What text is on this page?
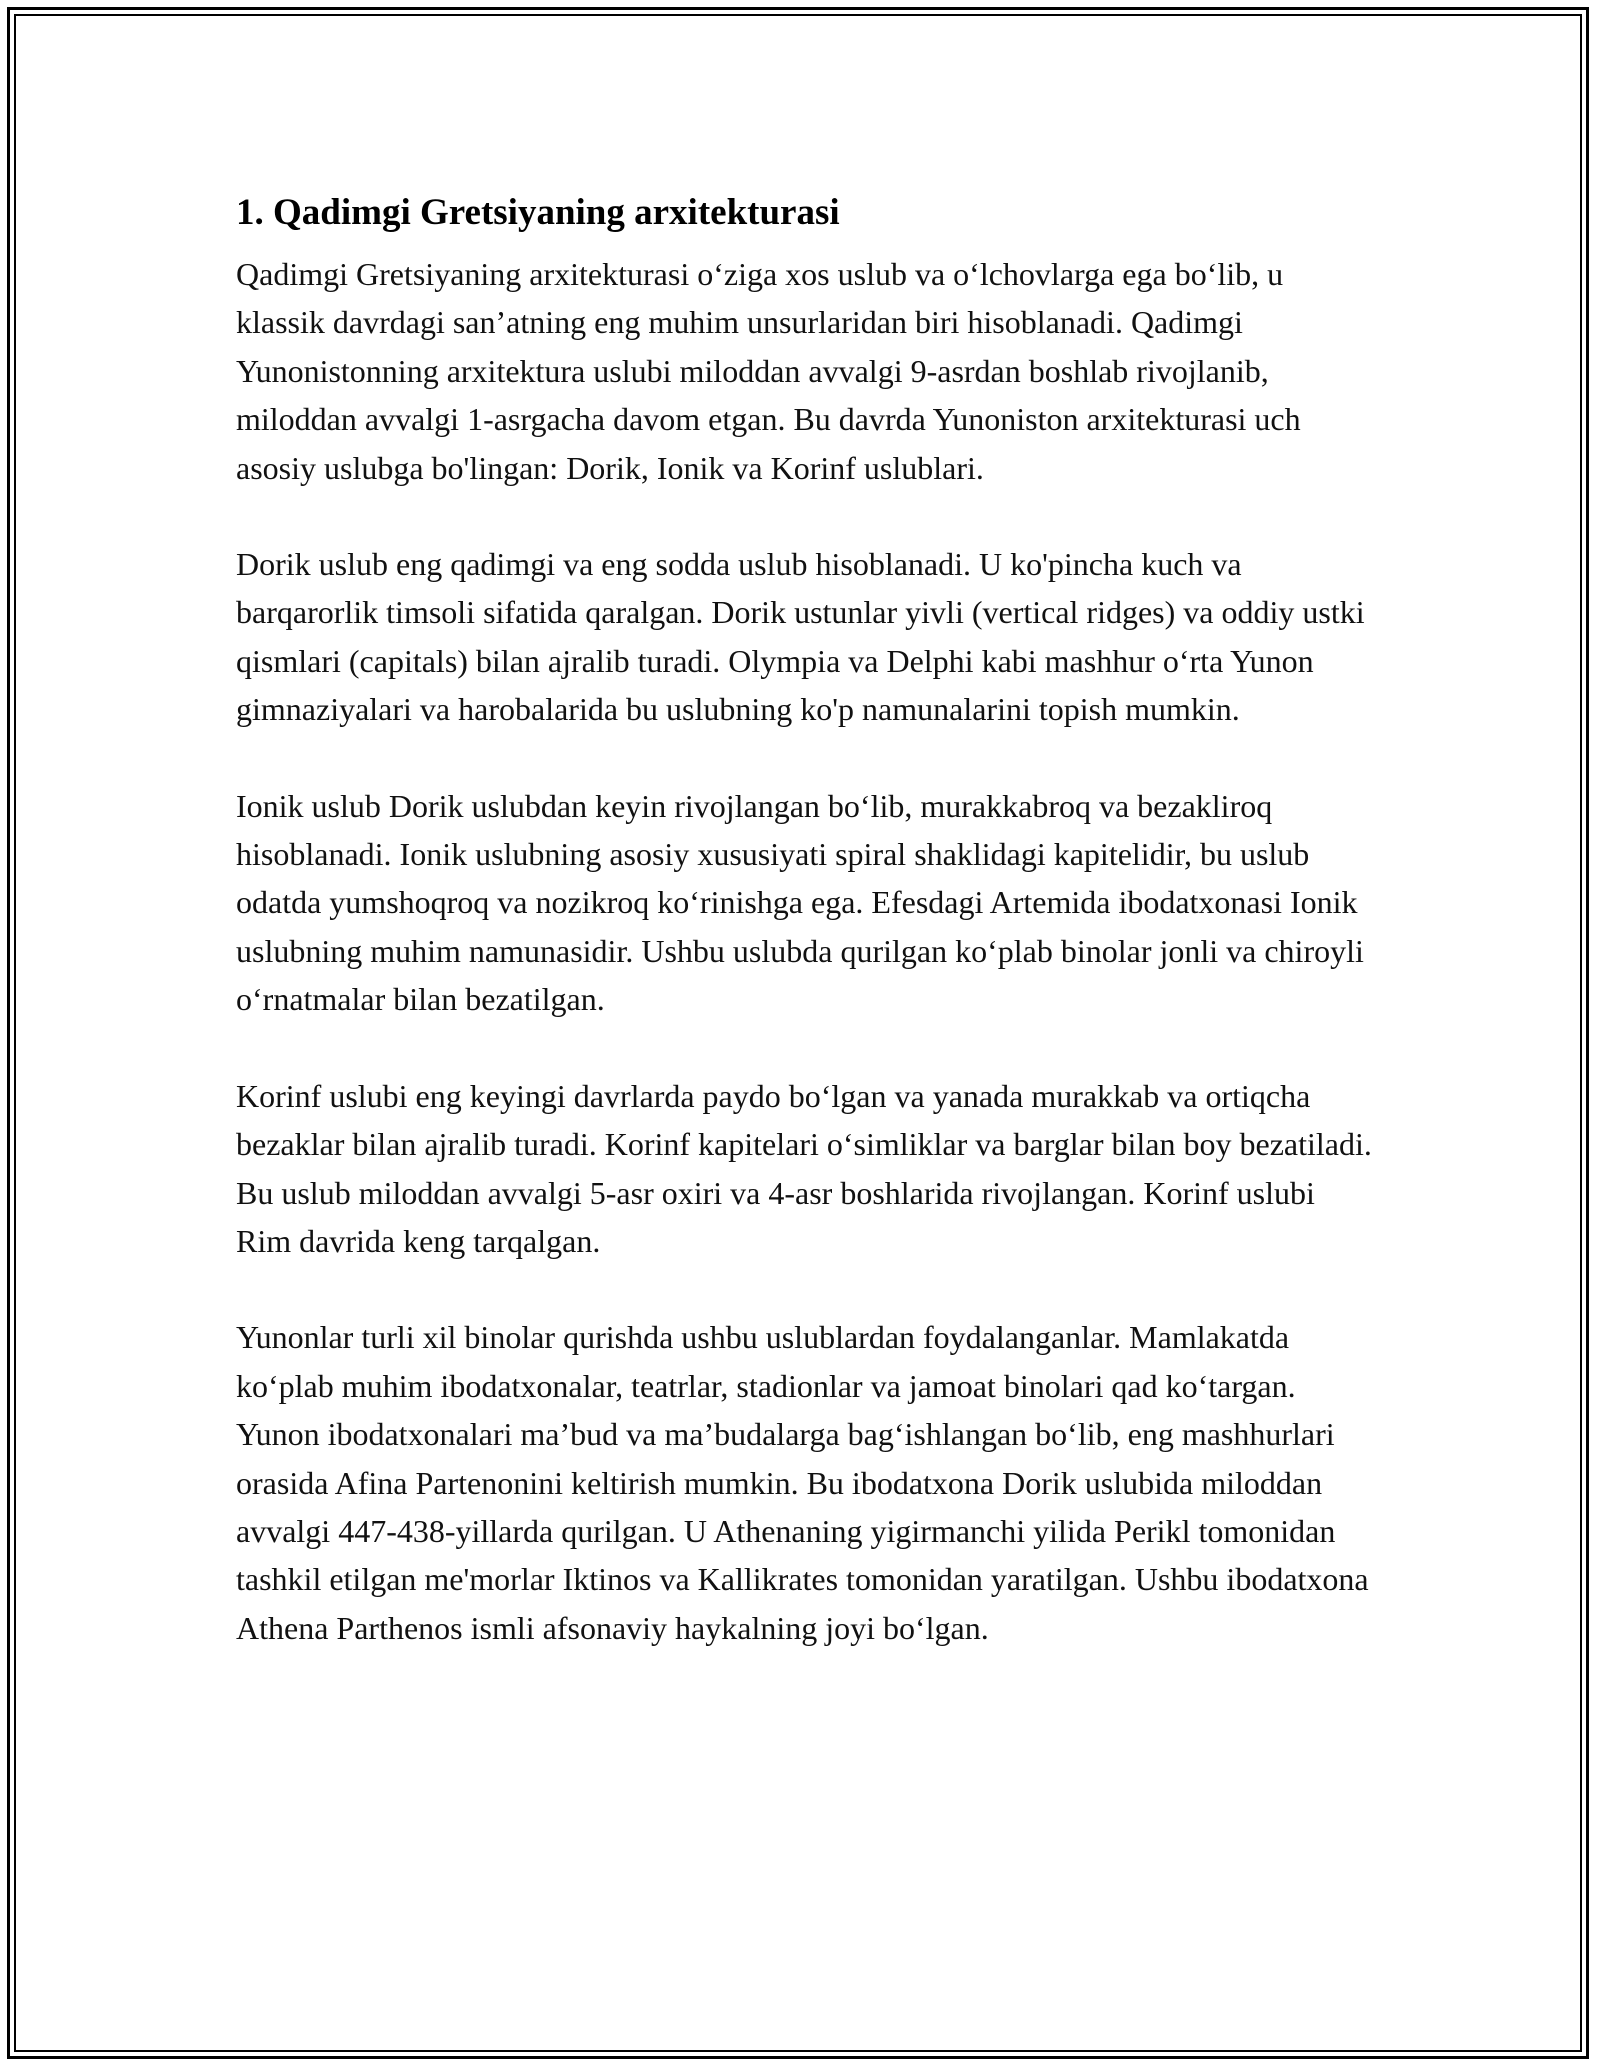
1. Qadimgi Gretsiyaning arxitekturasi

Qadimgi Gretsiyaning arxitekturasi o‘ziga xos uslub va o‘lchovlarga ega bo‘lib, u klassik davrdagi san’atning eng muhim unsurlaridan biri hisoblanadi. Qadimgi Yunonistonning arxitektura uslubi miloddan avvalgi 9-asrdan boshlab rivojlanib, miloddan avvalgi 1-asrgacha davom etgan. Bu davrda Yunoniston arxitekturasi uch asosiy uslubga bo'lingan: Dorik, Ionik va Korinf uslublari.

Dorik uslub eng qadimgi va eng sodda uslub hisoblanadi. U ko'pincha kuch va barqarorlik timsoli sifatida qaralgan. Dorik ustunlar yivli (vertical ridges) va oddiy ustki qismlari (capitals) bilan ajralib turadi. Olympia va Delphi kabi mashhur o‘rta Yunon gimnaziyalari va harobalarida bu uslubning ko'p namunalarini topish mumkin.

Ionik uslub Dorik uslubdan keyin rivojlangan bo‘lib, murakkabroq va bezakliroq hisoblanadi. Ionik uslubning asosiy xususiyati spiral shaklidagi kapitelidir, bu uslub odatda yumshoqroq va nozikroq ko‘rinishga ega. Efesdagi Artemida ibodatxonasi Ionik uslubning muhim namunasidir. Ushbu uslubda qurilgan ko‘plab binolar jonli va chiroyli o‘rnatmalar bilan bezatilgan.

Korinf uslubi eng keyingi davrlarda paydo bo‘lgan va yanada murakkab va ortiqcha bezaklar bilan ajralib turadi. Korinf kapitelari o‘simliklar va barglar bilan boy bezatiladi. Bu uslub miloddan avvalgi 5-asr oxiri va 4-asr boshlarida rivojlangan. Korinf uslubi Rim davrida keng tarqalgan.

Yunonlar turli xil binolar qurishda ushbu uslublardan foydalanganlar. Mamlakatda ko‘plab muhim ibodatxonalar, teatrlar, stadionlar va jamoat binolari qad ko‘targan. Yunon ibodatxonalari ma’bud va ma’budalarga bag‘ishlangan bo‘lib, eng mashhurlari orasida Afina Partenonini keltirish mumkin. Bu ibodatxona Dorik uslubida miloddan avvalgi 447-438-yillarda qurilgan. U Athenaning yigirmanchi yilida Perikl tomonidan tashkil etilgan me'morlar Iktinos va Kallikrates tomonidan yaratilgan. Ushbu ibodatxona Athena Parthenos ismli afsonaviy haykalning joyi bo‘lgan.
